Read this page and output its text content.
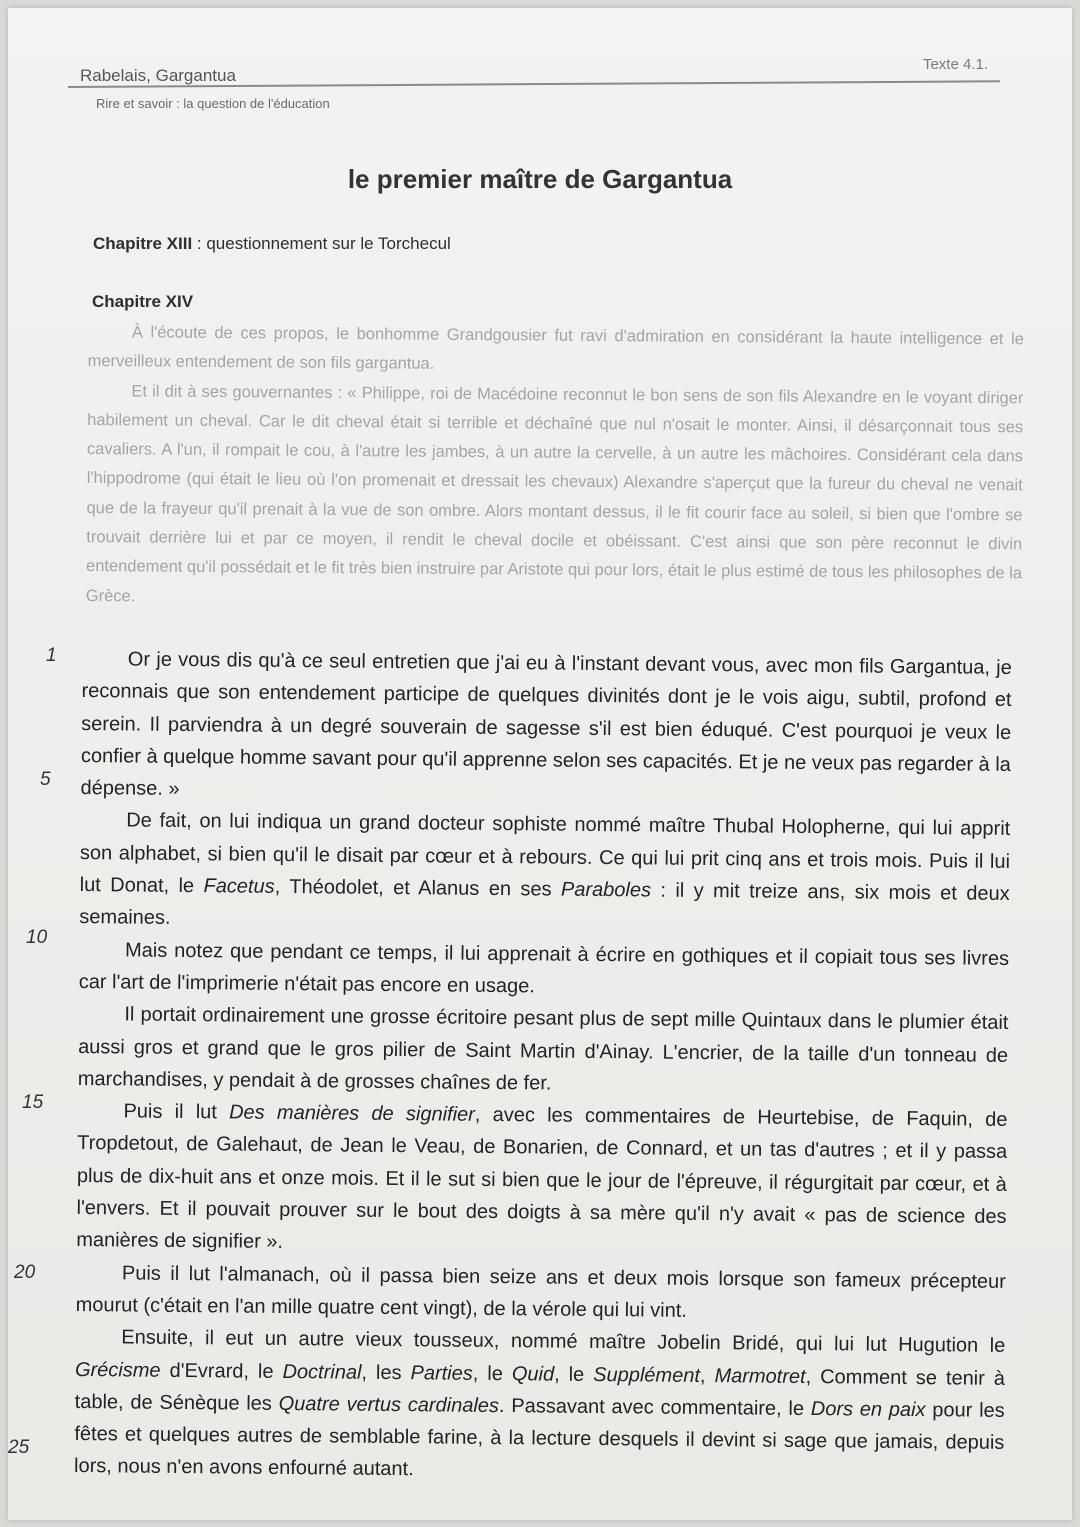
Rabelais, Gargantua
Texte 4.1.
Rire et savoir : la question de l'éducation
le premier maître de Gargantua
Chapitre XIII : questionnement sur le Torchecul
Chapitre XIV

À l'écoute de ces propos, le bonhomme Grandgousier fut ravi d'admiration en considérant la haute intelligence et le merveilleux entendement de son fils gargantua.

Et il dit à ses gouvernantes : « Philippe, roi de Macédoine reconnut le bon sens de son fils Alexandre en le voyant diriger habilement un cheval. Car le dit cheval était si terrible et déchaîné que nul n'osait le monter. Ainsi, il désarçonnait tous ses cavaliers. A l'un, il rompait le cou, à l'autre les jambes, à un autre la cervelle, à un autre les mâchoires. Considérant cela dans l'hippodrome (qui était le lieu où l'on promenait et dressait les chevaux) Alexandre s'aperçut que la fureur du cheval ne venait que de la frayeur qu'il prenait à la vue de son ombre. Alors montant dessus, il le fit courir face au soleil, si bien que l'ombre se trouvait derrière lui et par ce moyen, il rendit le cheval docile et obéissant. C'est ainsi que son père reconnut le divin entendement qu'il possédait et le fit très bien instruire par Aristote qui pour lors, était le plus estimé de tous les philosophes de la Grèce.

1
5
10
15
20
25

Or je vous dis qu'à ce seul entretien que j'ai eu à l'instant devant vous, avec mon fils Gargantua, je reconnais que son entendement participe de quelques divinités dont je le vois aigu, subtil, profond et serein. Il parviendra à un degré souverain de sagesse s'il est bien éduqué. C'est pourquoi je veux le confier à quelque homme savant pour qu'il apprenne selon ses capacités. Et je ne veux pas regarder à la dépense. »

De fait, on lui indiqua un grand docteur sophiste nommé maître Thubal Holopherne, qui lui apprit son alphabet, si bien qu'il le disait par cœur et à rebours. Ce qui lui prit cinq ans et trois mois. Puis il lui lut Donat, le Facetus, Théodolet, et Alanus en ses Paraboles : il y mit treize ans, six mois et deux semaines.

Mais notez que pendant ce temps, il lui apprenait à écrire en gothiques et il copiait tous ses livres car l'art de l'imprimerie n'était pas encore en usage.

Il portait ordinairement une grosse écritoire pesant plus de sept mille Quintaux dans le plumier était aussi gros et grand que le gros pilier de Saint Martin d'Ainay. L'encrier, de la taille d'un tonneau de marchandises, y pendait à de grosses chaînes de fer.

Puis il lut Des manières de signifier, avec les commentaires de Heurtebise, de Faquin, de Tropdetout, de Galehaut, de Jean le Veau, de Bonarien, de Connard, et un tas d'autres ; et il y passa plus de dix-huit ans et onze mois. Et il le sut si bien que le jour de l'épreuve, il régurgitait par cœur, et à l'envers. Et il pouvait prouver sur le bout des doigts à sa mère qu'il n'y avait « pas de science des manières de signifier ».

Puis il lut l'almanach, où il passa bien seize ans et deux mois lorsque son fameux précepteur mourut (c'était en l'an mille quatre cent vingt), de la vérole qui lui vint.

Ensuite, il eut un autre vieux tousseux, nommé maître Jobelin Bridé, qui lui lut Hugution le Grécisme d'Evrard, le Doctrinal, les Parties, le Quid, le Supplément, Marmotret, Comment se tenir à table, de Sénèque les Quatre vertus cardinales. Passavant avec commentaire, le Dors en paix pour les fêtes et quelques autres de semblable farine, à la lecture desquels il devint si sage que jamais, depuis lors, nous n'en avons enfourné autant.
